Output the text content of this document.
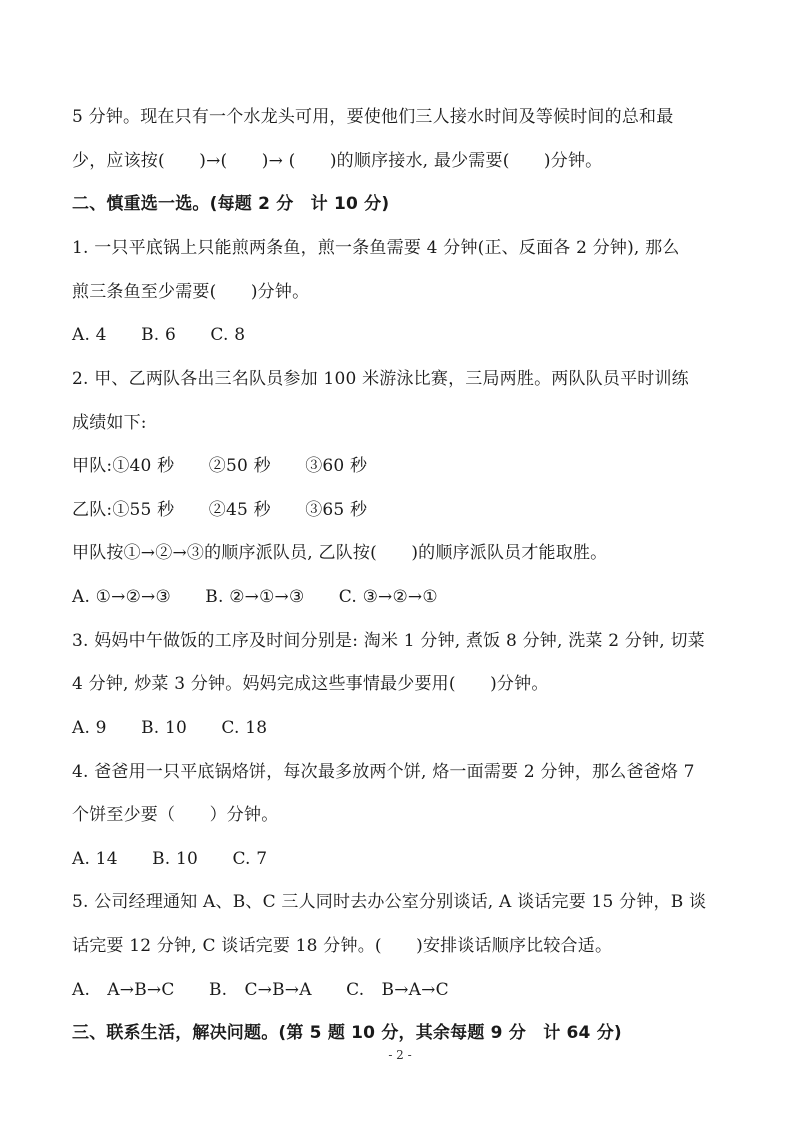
5 分钟。现在只有一个水龙头可用，要使他们三人接水时间及等候时间的总和最
少，应该按(　　)→(　　)→ (　　)的顺序接水, 最少需要(　　)分钟。
二、慎重选一选。(每题 2 分　计 10 分)
1. 一只平底锅上只能煎两条鱼，煎一条鱼需要 4 分钟(正、反面各 2 分钟), 那么
煎三条鱼至少需要(　　)分钟。
A. 4　　B. 6　　C. 8
2. 甲、乙两队各出三名队员参加 100 米游泳比赛，三局两胜。两队队员平时训练
成绩如下:
甲队:①40 秒　　②50 秒　　③60 秒
乙队:①55 秒　　②45 秒　　③65 秒
甲队按①→②→③的顺序派队员, 乙队按(　　)的顺序派队员才能取胜。
A. ①→②→③　　B. ②→①→③　　C. ③→②→①
3. 妈妈中午做饭的工序及时间分别是: 淘米 1 分钟, 煮饭 8 分钟, 洗菜 2 分钟, 切菜
4 分钟, 炒菜 3 分钟。妈妈完成这些事情最少要用(　　)分钟。
A. 9　　B. 10　　C. 18
4. 爸爸用一只平底锅烙饼，每次最多放两个饼, 烙一面需要 2 分钟，那么爸爸烙 7
个饼至少要（　　）分钟。
A. 14　　B. 10　　C. 7
5. 公司经理通知 A、B、C 三人同时去办公室分别谈话, A 谈话完要 15 分钟，B 谈
话完要 12 分钟, C 谈话完要 18 分钟。(　　)安排谈话顺序比较合适。
A.　A→B→C　　B.　C→B→A　　C.　B→A→C
三、联系生活，解决问题。(第 5 题 10 分，其余每题 9 分　计 64 分)
- 2 -
